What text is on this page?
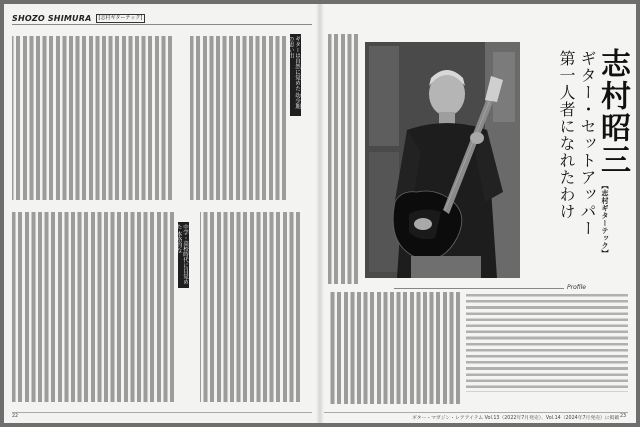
SHOZO SHIMURA	[志村ギターテック]
ギターは自然に覚めた 幼少期の思い出
中学・高校時代に目覚めた 本格的な
22
志村昭三
【志村ギターテック】
ギター・セットアッパー
第一人者になれたわけ
Profile
ギター・マガジン・レアアイテム Vol.13（2022年7月発売）、Vol.14（2024年7月発売）に掲載 23
